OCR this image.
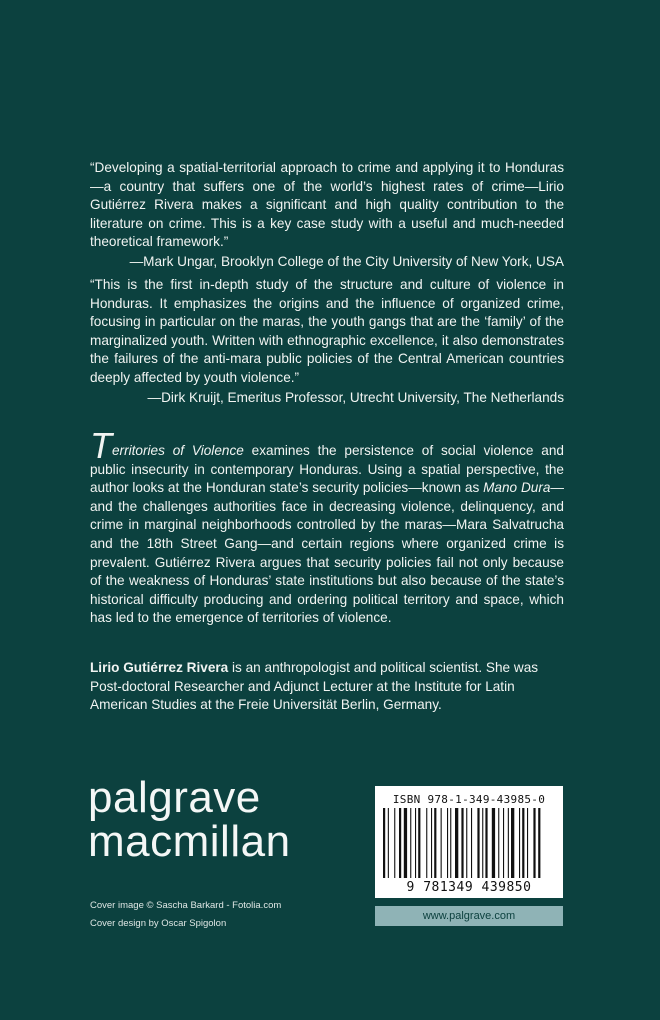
“Developing a spatial-territorial approach to crime and applying it to Honduras—a country that suffers one of the world’s highest rates of crime—Lirio Gutiérrez Rivera makes a significant and high quality contribution to the literature on crime. This is a key case study with a useful and much-needed theoretical framework.”
—Mark Ungar, Brooklyn College of the City University of New York, USA
“This is the first in-depth study of the structure and culture of violence in Honduras. It emphasizes the origins and the influence of organized crime, focusing in particular on the maras, the youth gangs that are the ‘family’ of the marginalized youth. Written with ethnographic excellence, it also demonstrates the failures of the anti-mara public policies of the Central American countries deeply affected by youth violence.”
—Dirk Kruijt, Emeritus Professor, Utrecht University, The Netherlands
Territories of Violence examines the persistence of social violence and public insecurity in contemporary Honduras. Using a spatial perspective, the author looks at the Honduran state’s security policies—known as Mano Dura—and the challenges authorities face in decreasing violence, delinquency, and crime in marginal neighborhoods controlled by the maras—Mara Salvatrucha and the 18th Street Gang—and certain regions where organized crime is prevalent. Gutiérrez Rivera argues that security policies fail not only because of the weakness of Honduras’ state institutions but also because of the state’s historical difficulty producing and ordering political territory and space, which has led to the emergence of territories of violence.
Lirio Gutiérrez Rivera is an anthropologist and political scientist. She was Post-doctoral Researcher and Adjunct Lecturer at the Institute for Latin American Studies at the Freie Universität Berlin, Germany.
palgrave
macmillan
Cover image © Sascha Barkard - Fotolia.com
Cover design by Oscar Spigolon
ISBN 978-1-349-43985-0
9 781349 439850
www.palgrave.com
